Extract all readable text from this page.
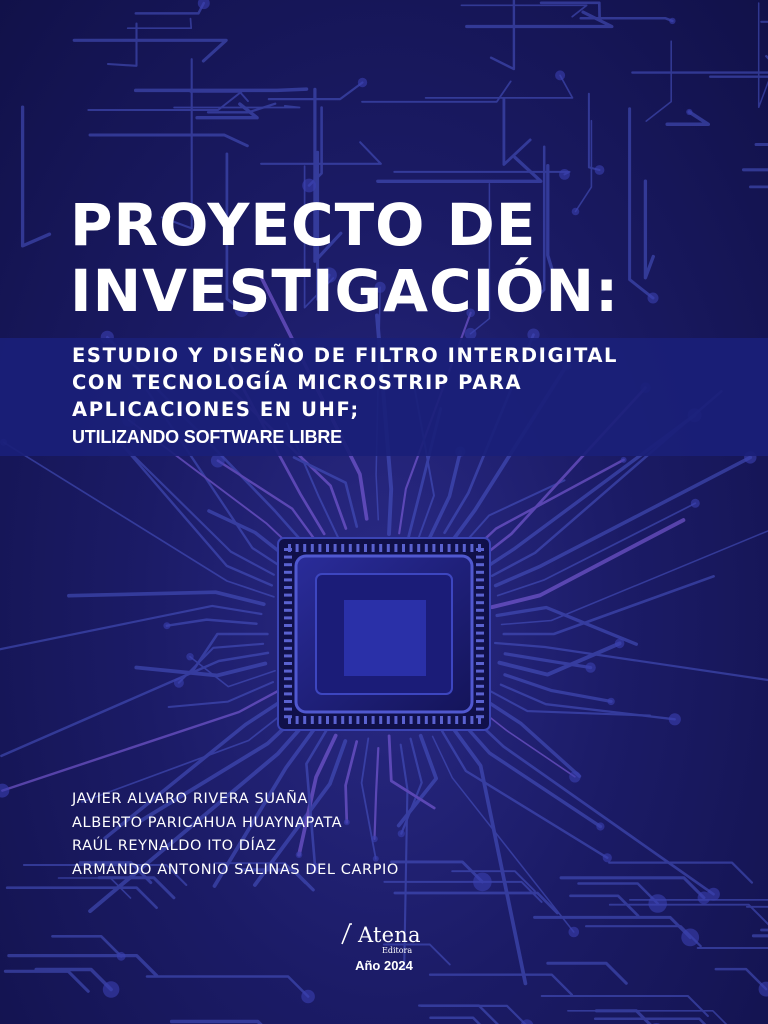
PROYECTO DE
INVESTIGACIÓN:
ESTUDIO Y DISEÑO DE FILTRO INTERDIGITAL
CON TECNOLOGÍA MICROSTRIP PARA
APLICACIONES EN UHF;
UTILIZANDO SOFTWARE LIBRE
JAVIER ALVARO RIVERA SUAÑA
ALBERTO PARICAHUA HUAYNAPATA
RAÚL REYNALDO ITO DÍAZ
ARMANDO ANTONIO SALINAS DEL CARPIO
Atena
Editora
Año 2024
